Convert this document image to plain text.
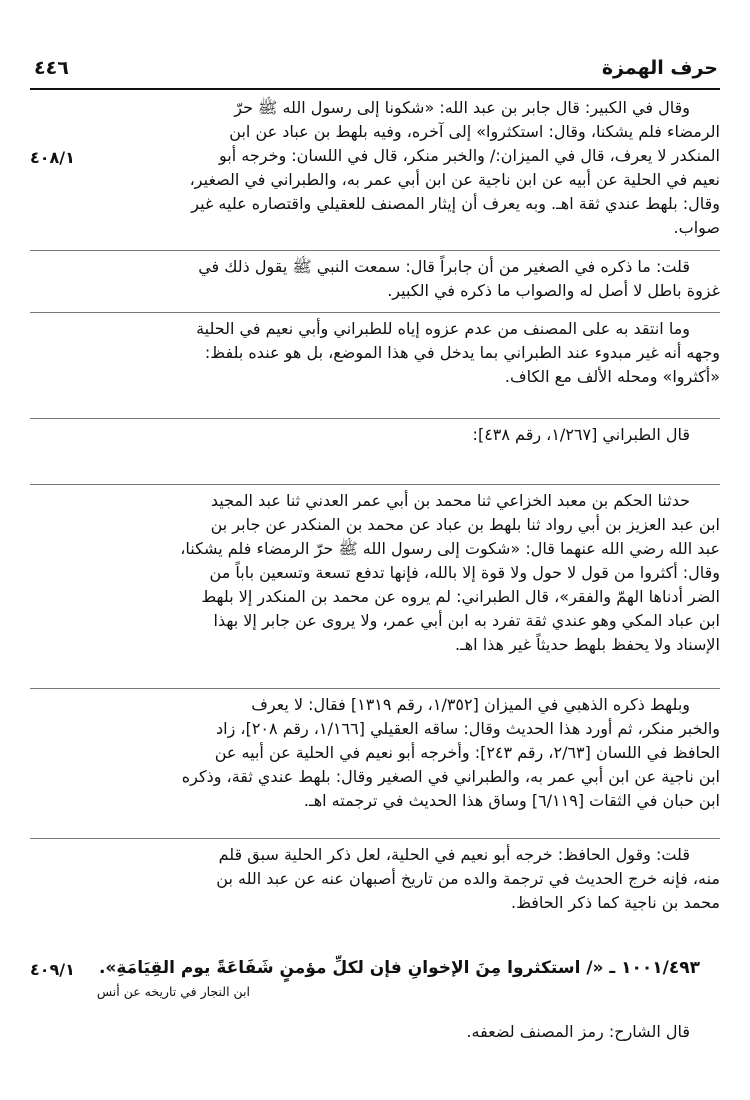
حرف الهمزة
٤٤٦
وقال في الكبير: قال جابر بن عبد الله: «شكونا إلى رسول الله ﷺ حرّ
الرمضاء فلم يشكنا، وقال: استكثروا» إلى آخره، وفيه بلهط بن عباد عن ابن
المنكدر لا يعرف، قال في الميزان:/ والخبر منكر، قال في اللسان: وخرجه أبو
نعيم في الحلية عن أبيه عن ابن ناجية عن ابن أبي عمر به، والطبراني في الصغير،
وقال: بلهط عندي ثقة اهـ. وبه يعرف أن إيثار المصنف للعقيلي واقتصاره عليه غير
صواب.
٤٠٨/١
قلت: ما ذكره في الصغير من أن جابراً قال: سمعت النبي ﷺ يقول ذلك في
غزوة باطل لا أصل له والصواب ما ذكره في الكبير.
وما انتقد به على المصنف من عدم عزوه إياه للطبراني وأبي نعيم في الحلية
وجهه أنه غير مبدوء عند الطبراني بما يدخل في هذا الموضع، بل هو عنده بلفظ:
«أكثروا» ومحله الألف مع الكاف.
قال الطبراني [١/٢٦٧، رقم ٤٣٨]:
حدثنا الحكم بن معبد الخزاعي ثنا محمد بن أبي عمر العدني ثنا عبد المجيد
ابن عبد العزيز بن أبي رواد ثنا بلهط بن عباد عن محمد بن المنكدر عن جابر بن
عبد الله رضي الله عنهما قال: «شكوت إلى رسول الله ﷺ حرّ الرمضاء فلم يشكنا،
وقال: أكثروا من قول لا حول ولا قوة إلا بالله، فإنها تدفع تسعة وتسعين باباً من
الضر أدناها الهمّ والفقر»، قال الطبراني: لم يروه عن محمد بن المنكدر إلا بلهط
ابن عباد المكي وهو عندي ثقة تفرد به ابن أبي عمر، ولا يروى عن جابر إلا بهذا
الإسناد ولا يحفظ بلهط حديثاً غير هذا اهـ.
وبلهط ذكره الذهبي في الميزان [١/٣٥٢، رقم ١٣١٩] فقال: لا يعرف
والخبر منكر، ثم أورد هذا الحديث وقال: ساقه العقيلي [١/١٦٦، رقم ٢٠٨]، زاد
الحافظ في اللسان [٢/٦٣، رقم ٢٤٣]: وأخرجه أبو نعيم في الحلية عن أبيه عن
ابن ناجية عن ابن أبي عمر به، والطبراني في الصغير وقال: بلهط عندي ثقة، وذكره
ابن حبان في الثقات [٦/١١٩] وساق هذا الحديث في ترجمته اهـ.
قلت: وقول الحافظ: خرجه أبو نعيم في الحلية، لعل ذكر الحلية سبق قلم
منه، فإنه خرج الحديث في ترجمة والده من تاريخ أصبهان عنه عن عبد الله بن
محمد بن ناجية كما ذكر الحافظ.
١٠٠١/٤٩٣ ـ «/ استكثروا مِنَ الإخوانِ فإن لكلِّ مؤمنٍ شَفَاعَةً يوم القِيَامَةِ».
٤٠٩/١
ابن النجار في تاريخه عن أنس
قال الشارح: رمز المصنف لضعفه.
